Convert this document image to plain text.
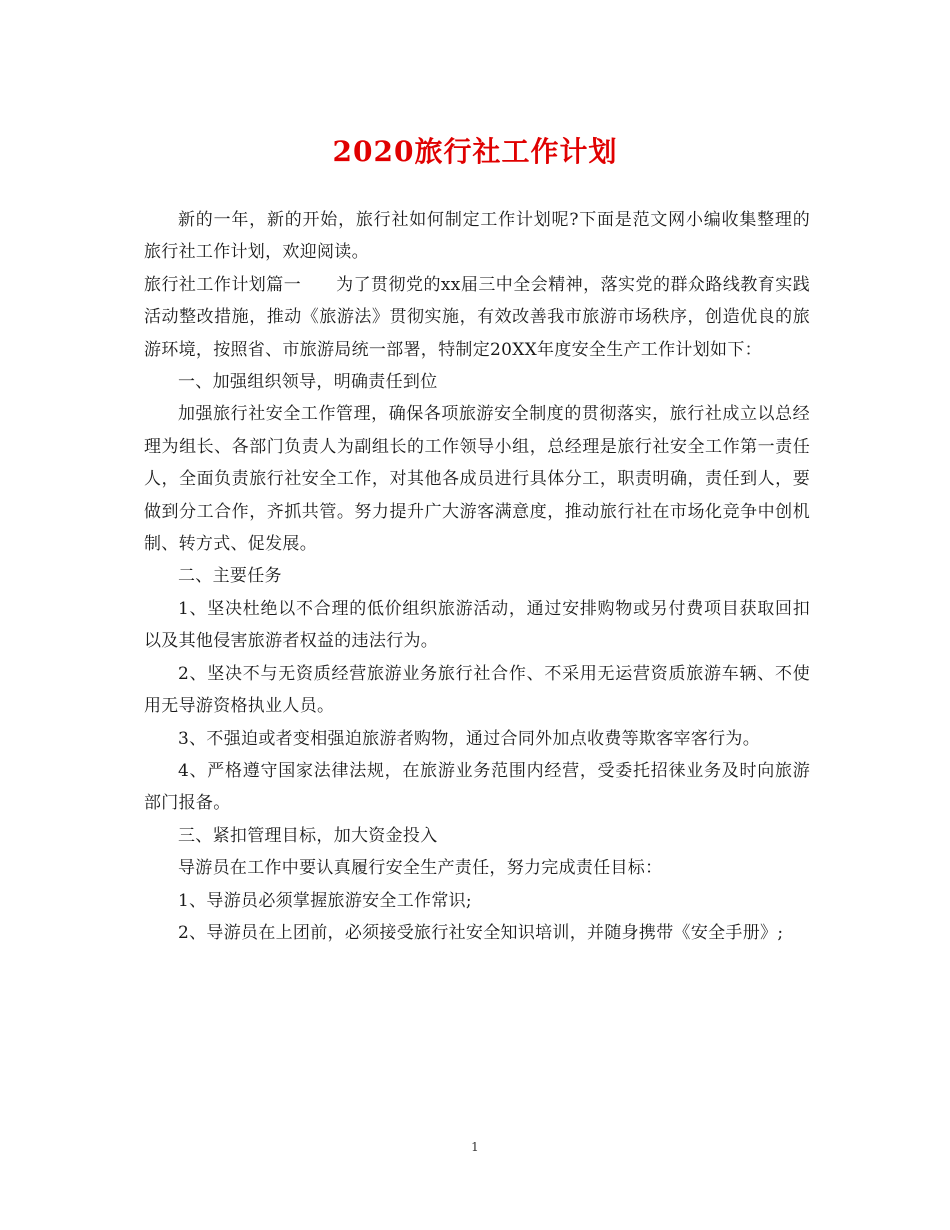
2020旅行社工作计划

新的一年，新的开始，旅行社如何制定工作计划呢?下面是范文网小编收集整理的旅行社工作计划，欢迎阅读。

旅行社工作计划篇一　　为了贯彻党的xx届三中全会精神，落实党的群众路线教育实践活动整改措施，推动《旅游法》贯彻实施，有效改善我市旅游市场秩序，创造优良的旅游环境，按照省、市旅游局统一部署，特制定20XX年度安全生产工作计划如下：

一、加强组织领导，明确责任到位

加强旅行社安全工作管理，确保各项旅游安全制度的贯彻落实，旅行社成立以总经理为组长、各部门负责人为副组长的工作领导小组，总经理是旅行社安全工作第一责任人，全面负责旅行社安全工作，对其他各成员进行具体分工，职责明确，责任到人，要做到分工合作，齐抓共管。努力提升广大游客满意度，推动旅行社在市场化竞争中创机制、转方式、促发展。

二、主要任务

1、坚决杜绝以不合理的低价组织旅游活动，通过安排购物或另付费项目获取回扣以及其他侵害旅游者权益的违法行为。

2、坚决不与无资质经营旅游业务旅行社合作、不采用无运营资质旅游车辆、不使用无导游资格执业人员。

3、不强迫或者变相强迫旅游者购物，通过合同外加点收费等欺客宰客行为。

4、严格遵守国家法律法规，在旅游业务范围内经营，受委托招徕业务及时向旅游部门报备。

三、紧扣管理目标，加大资金投入

导游员在工作中要认真履行安全生产责任，努力完成责任目标：

1、导游员必须掌握旅游安全工作常识;

2、导游员在上团前，必须接受旅行社安全知识培训，并随身携带《安全手册》;

1
